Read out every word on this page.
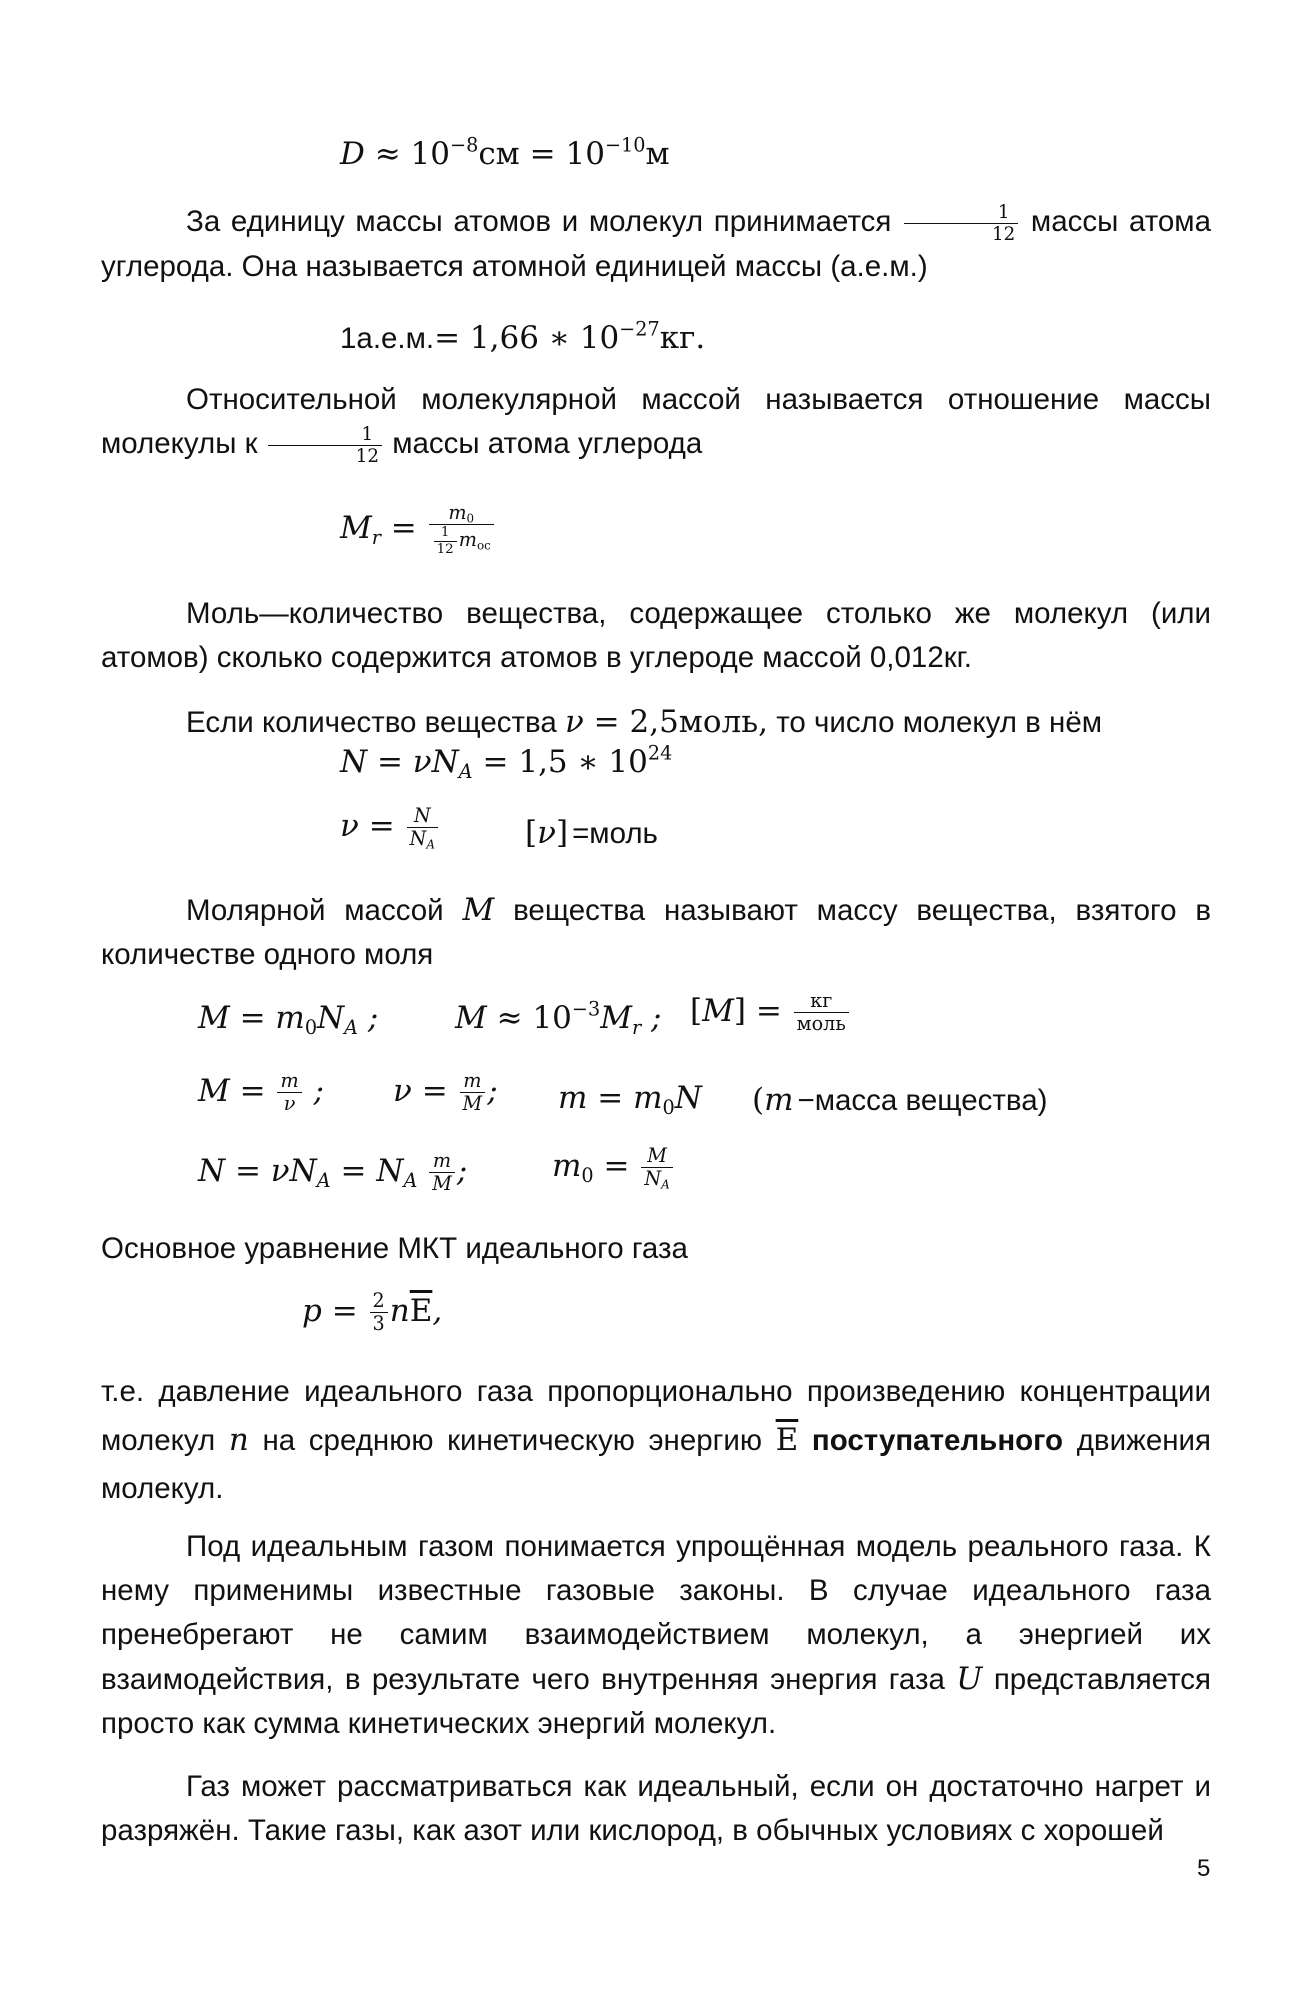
$D \approx 10^{-8}см = 10^{-10}м$
За единицу массы атомов и молекул принимается $\frac{1}{12}$ массы атома углерода. Она называется атомной единицей массы (а.е.м.)
1а.е.м.= 1,66 ∗ $10^{-27}кг$.
Относительной молекулярной массой называется отношение массы молекулы к $\frac{1}{12}$ массы атома углерода
$M_r = \frac{m_0}{\frac{1}{12} m_{ос}}$
Моль—количество вещества, содержащее столько же молекул (или атомов) сколько содержится атомов в углероде массой 0,012кг.
Если количество вещества ν = 2,5моль, то число молекул в нём
$N = \nu N_A = 1,5$ ∗ $10^{24}$
$\nu = \frac{N}{N_A}$	[ν] =моль
Молярной массой M вещества называют массу вещества, взятого в количестве одного моля
$M = m_0N_A$ ; $M \approx 10^{-3}M_r$ ; $[M] = \frac{кг}{\text{моль}}$
$M = \frac{m}{\nu}$ ; $\nu = \frac{m}{M}$ ; $m = m_0N$ (m −масса вещества)
$N = \nu N_A = N_A \frac{m}{M}$ ;	$m_0 = \frac{M}{N_A}$
Основное уравнение МКТ идеального газа
$p = \frac{2}{3} n\overline{E}$,
т.е. давление идеального газа пропорционально произведению концентрации молекул n на среднюю кинетическую энергию $\overline{E}$ поступательного движения молекул.
Под идеальным газом понимается упрощённая модель реального газа. К нему применимы известные газовые законы. В случае идеального газа пренебрегают не самим взаимодействием молекул, а энергией их взаимодействия, в результате чего внутренняя энергия газа U представляется просто как сумма кинетических энергий молекул.
Газ может рассматриваться как идеальный, если он достаточно нагрет и разряжён. Такие газы, как азот или кислород, в обычных условиях с хорошей
5
